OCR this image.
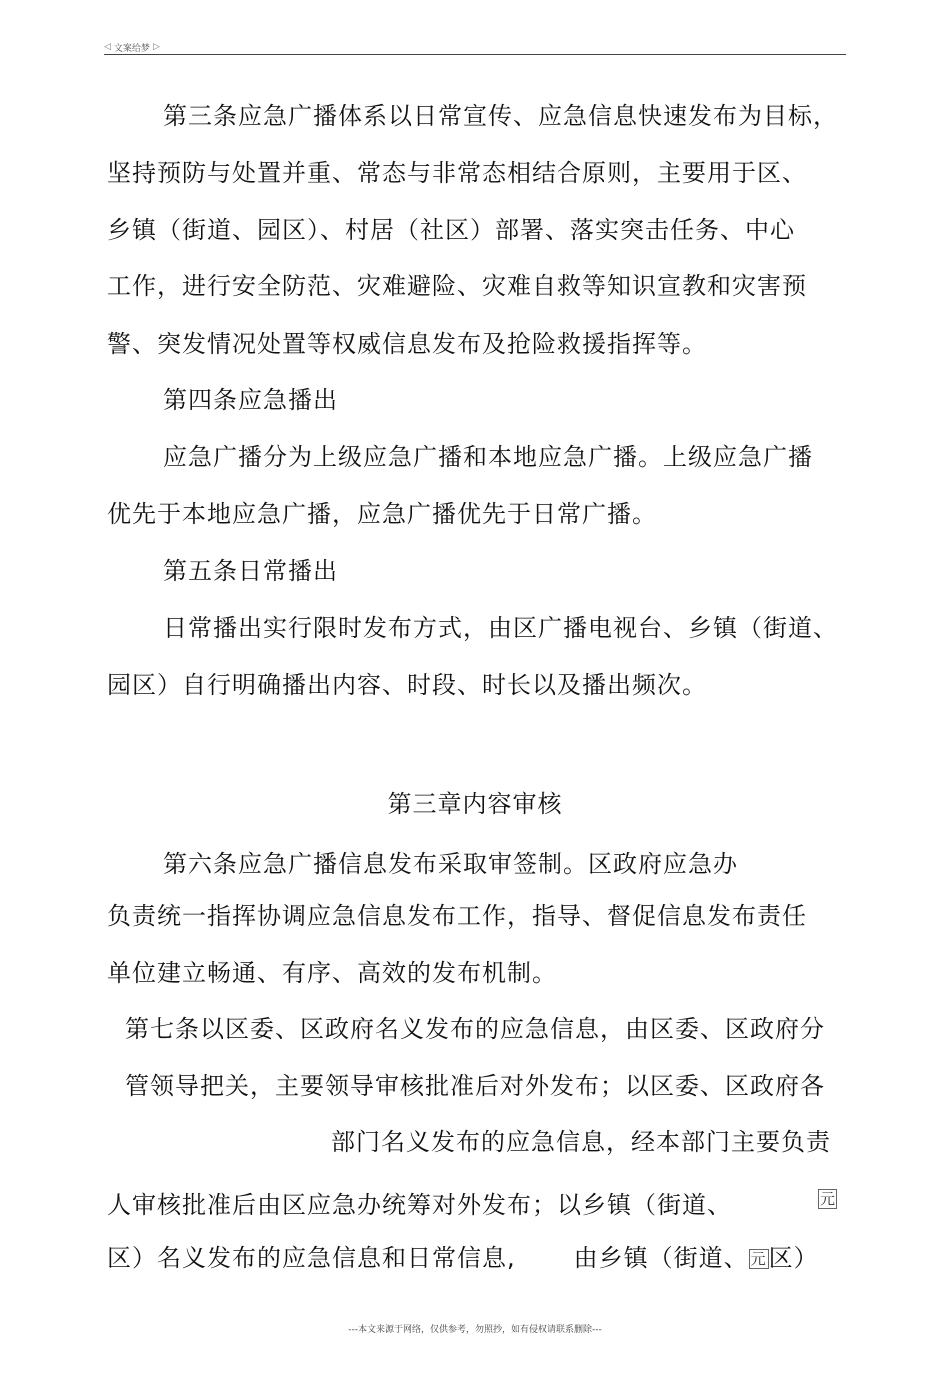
◁ 文案给梦 ▷
第三条应急广播体系以日常宣传、应急信息快速发布为目标，
坚持预防与处置并重、常态与非常态相结合原则，主要用于区、
乡镇（街道、园区）、村居（社区）部署、落实突击任务、中心
工作，进行安全防范、灾难避险、灾难自救等知识宣教和灾害预
警、突发情况处置等权威信息发布及抢险救援指挥等。
第四条应急播出
应急广播分为上级应急广播和本地应急广播。上级应急广播
优先于本地应急广播，应急广播优先于日常广播。
第五条日常播出
日常播出实行限时发布方式，由区广播电视台、乡镇（街道、
园区）自行明确播出内容、时段、时长以及播出频次。
第三章内容审核
第六条应急广播信息发布采取审签制。区政府应急办
负责统一指挥协调应急信息发布工作，指导、督促信息发布责任
单位建立畅通、有序、高效的发布机制。
第七条以区委、区政府名义发布的应急信息，由区委、区政府分
管领导把关，主要领导审核批准后对外发布；以区委、区政府各
部门名义发布的应急信息，经本部门主要负责
人审核批准后由区应急办统筹对外发布；以乡镇（街道、	元
区）名义发布的应急信息和日常信息, 由乡镇（街道、 元区）
---本文来源于网络，仅供参考，勿照抄，如有侵权请联系删除---
